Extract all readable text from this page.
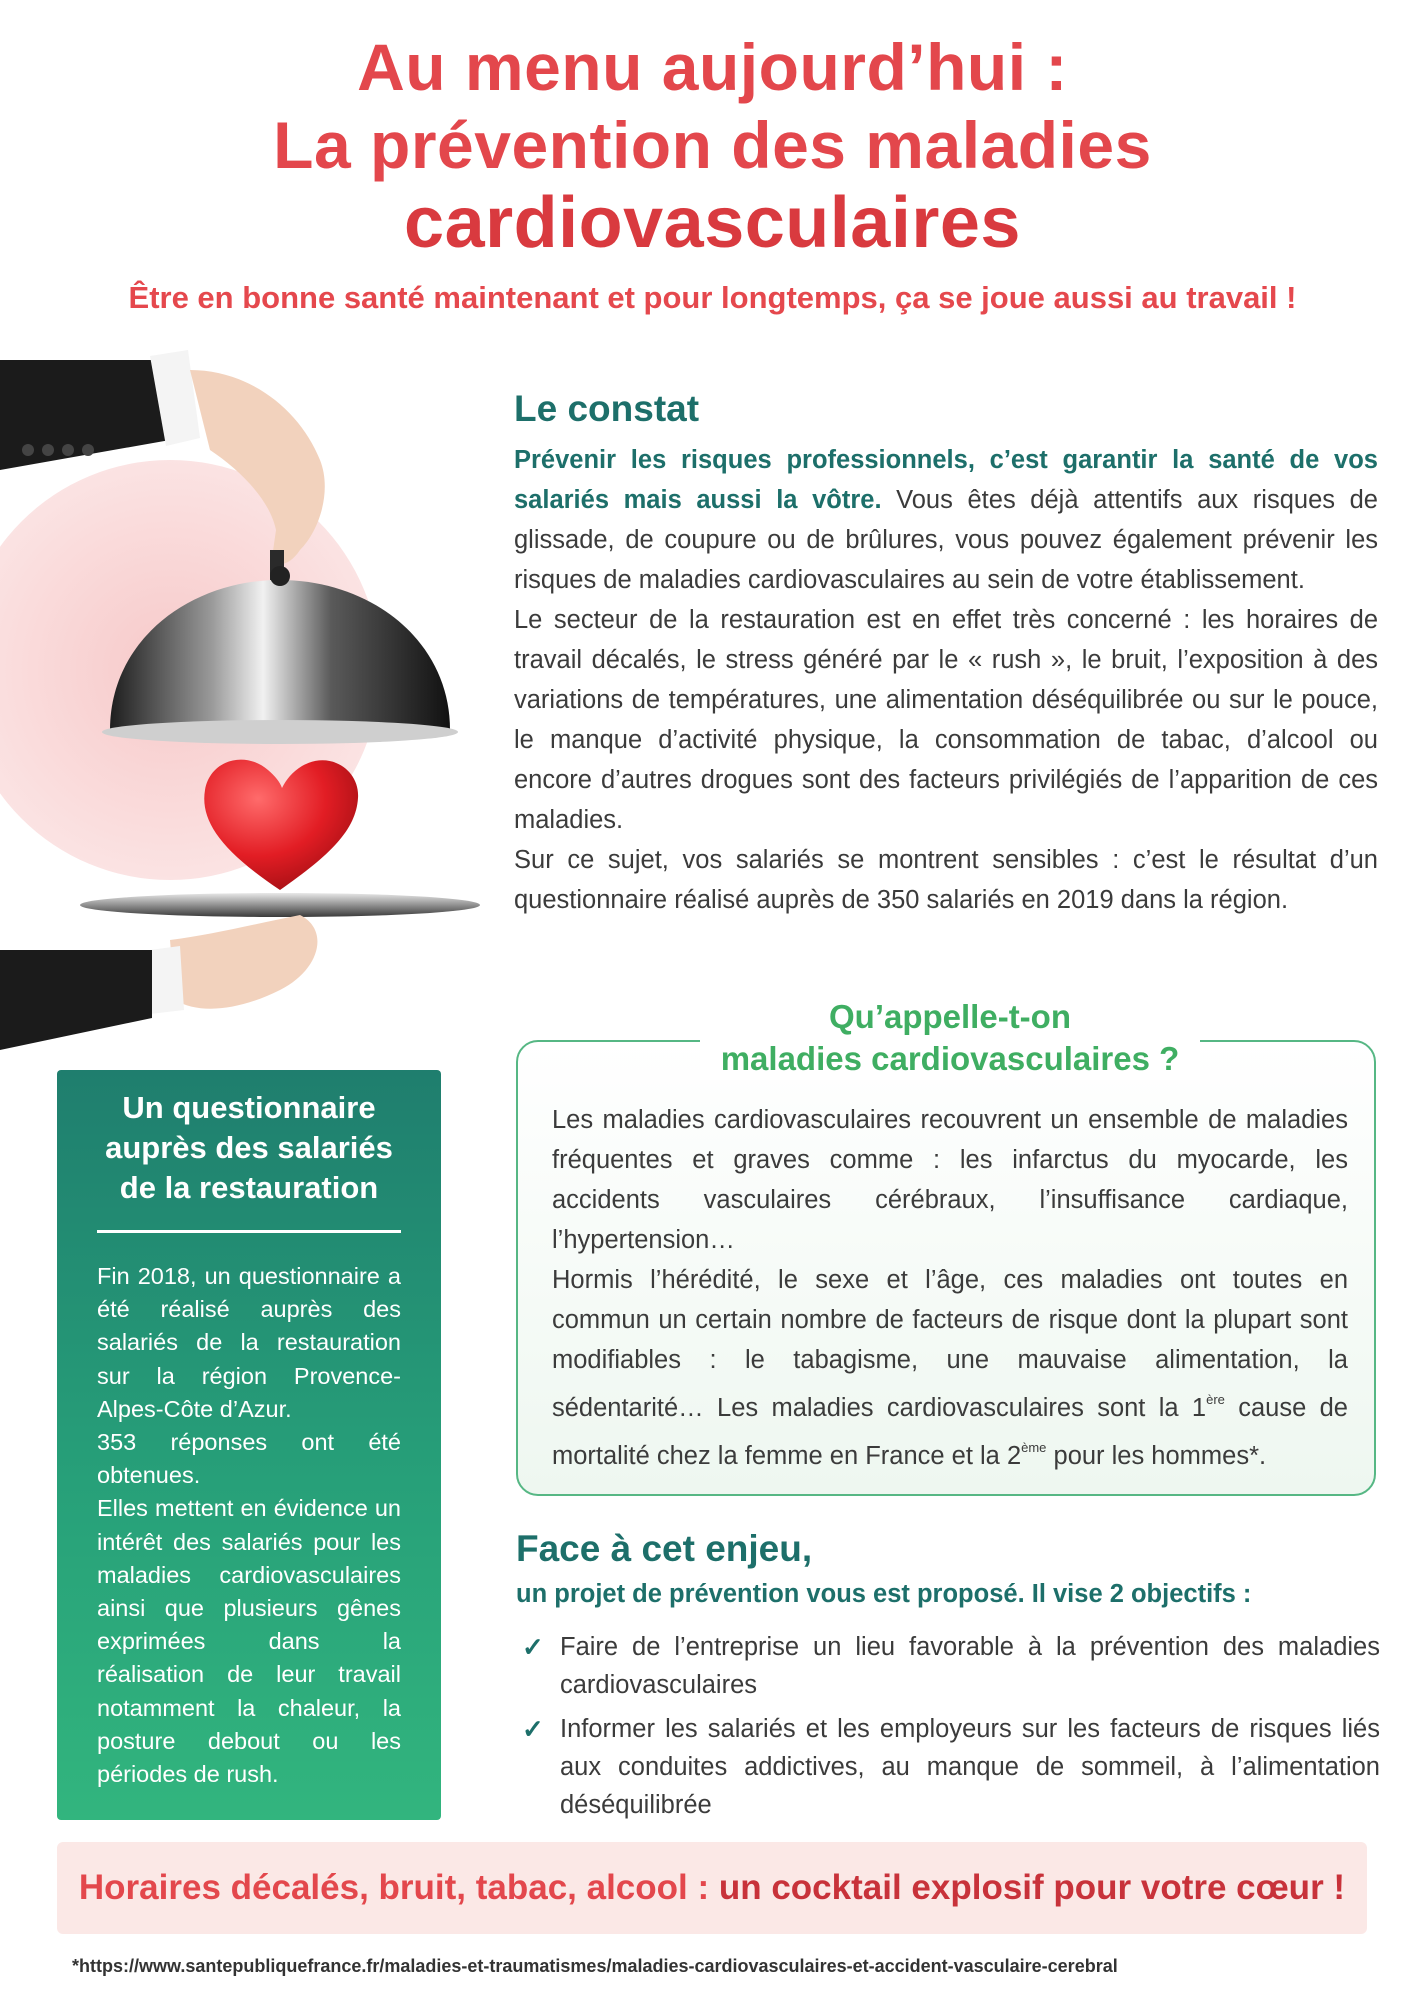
Au menu aujourd’hui :
La prévention des maladies
cardiovasculaires
Être en bonne santé maintenant et pour longtemps, ça se joue aussi au travail !
Le constat

Prévenir les risques professionnels, c’est garantir la santé de vos salariés mais aussi la vôtre. Vous êtes déjà attentifs aux risques de glissade, de coupure ou de brûlures, vous pouvez également prévenir les risques de maladies cardiovasculaires au sein de votre établissement.

Le secteur de la restauration est en effet très concerné : les horaires de travail décalés, le stress généré par le « rush », le bruit, l’exposition à des variations de températures, une alimentation déséquilibrée ou sur le pouce, le manque d’activité physique, la consommation de tabac, d’alcool ou encore d’autres drogues sont des facteurs privilégiés de l’apparition de ces maladies.

Sur ce sujet, vos salariés se montrent sensibles : c’est le résultat d’un questionnaire réalisé auprès de 350 salariés en 2019 dans la région.

Qu’appelle-t-on
maladies cardiovasculaires ?

Les maladies cardiovasculaires recouvrent un ensemble de maladies fréquentes et graves comme : les infarctus du myocarde, les accidents vasculaires cérébraux, l’insuffisance cardiaque, l’hypertension…

Hormis l’hérédité, le sexe et l’âge, ces maladies ont toutes en commun un certain nombre de facteurs de risque dont la plupart sont modifiables : le tabagisme, une mauvaise alimentation, la sédentarité… Les maladies cardiovasculaires sont la 1ère cause de mortalité chez la femme en France et la 2ème pour les hommes*.

Face à cet enjeu,
un projet de prévention vous est proposé. Il vise 2 objectifs :
✓ Faire de l’entreprise un lieu favorable à la prévention des maladies cardiovasculaires
✓ Informer les salariés et les employeurs sur les facteurs de risques liés aux conduites addictives, au manque de sommeil, à l’alimentation déséquilibrée
Un questionnaire
auprès des salariés
de la restauration

Fin 2018, un questionnaire a été réalisé auprès des salariés de la restauration sur la région Provence-Alpes-Côte d’Azur.

353 réponses ont été obtenues.

Elles mettent en évidence un intérêt des salariés pour les maladies cardiovasculaires ainsi que plusieurs gênes exprimées dans la réalisation de leur travail notamment la chaleur, la posture debout ou les périodes de rush.

Horaires décalés, bruit, tabac, alcool : un cocktail explosif pour votre cœur !
*https://www.santepubliquefrance.fr/maladies-et-traumatismes/maladies-cardiovasculaires-et-accident-vasculaire-cerebral
